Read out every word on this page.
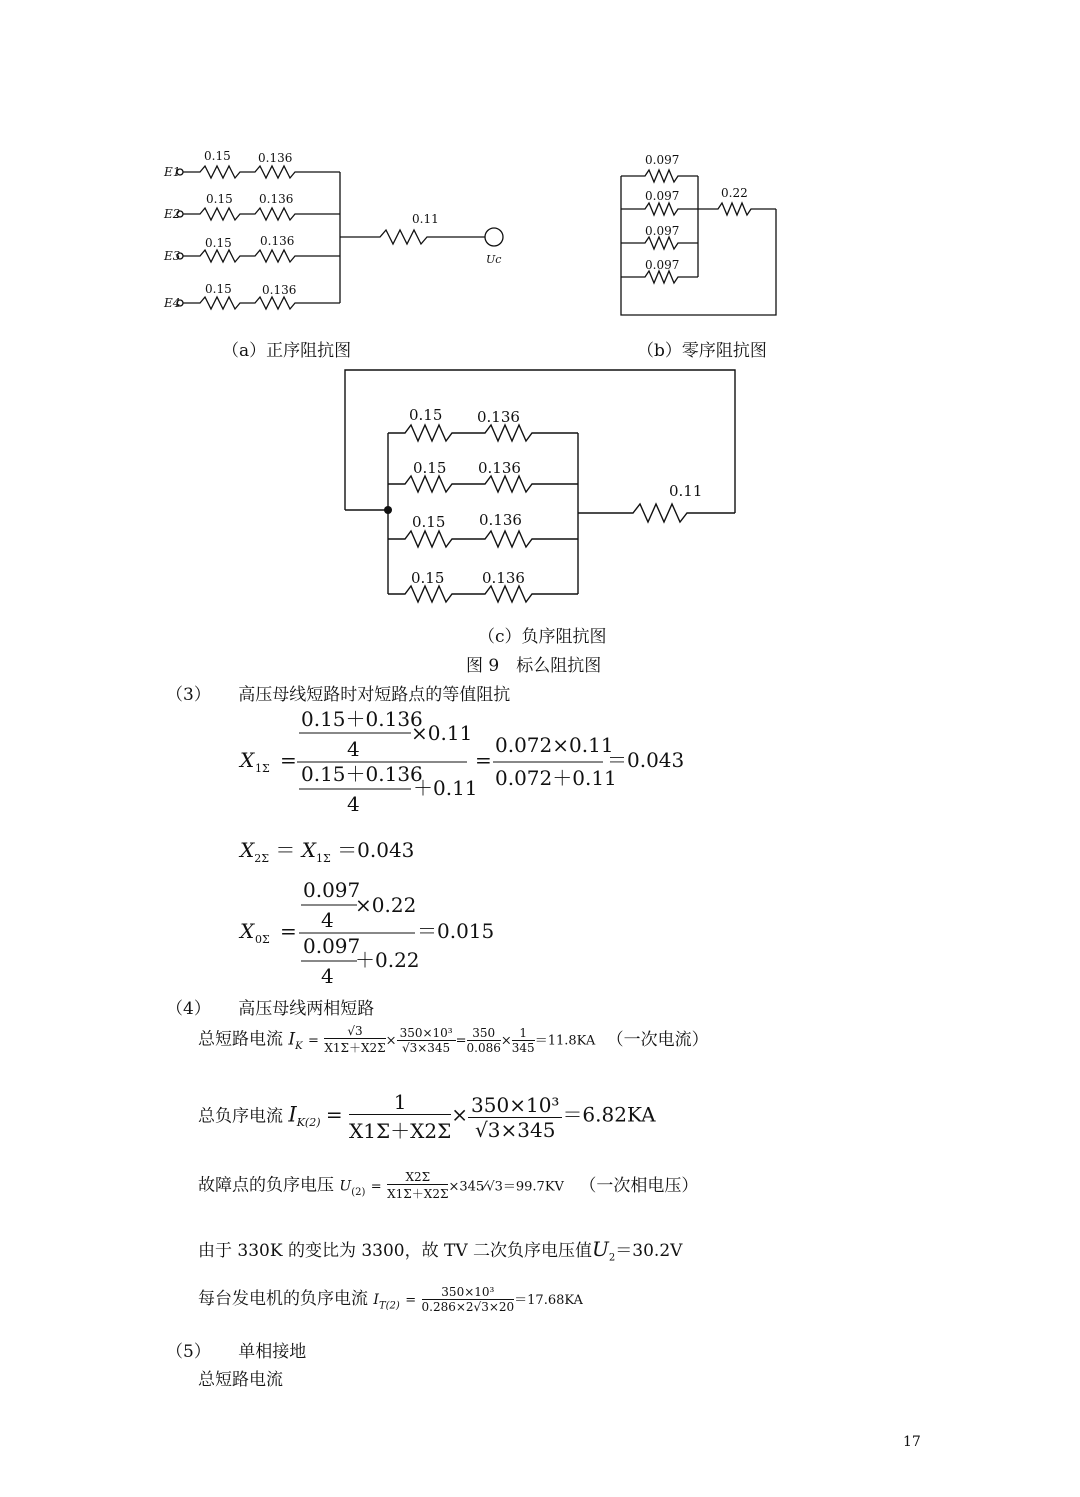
E1
E2
E3
E4
0.15 0.136
0.15 0.136
0.15 0.136
0.15	0.136
0.11
Uc
（a）正序阻抗图
0.097
0.097
0.097
0.097
0.22
（b）零序阻抗图
0.15 0.136
0.15 0.136
0.15 0.136
0.15	0.136
0.11
（c）负序阻抗图
图 9　标么阻抗图
（3） 高压母线短路时对短路点的等值阻抗
X 1Σ =
0.15＋0.136
4
×0.11
0.15＋0.136
4
＋0.11
=
0.072×0.11
0.072＋0.11
＝0.043
$X_{2\Sigma} = X_{1\Sigma} =0.043$
X 0Σ =
0.097
4
×0.22
0.097
4
＋0.22
＝0.015
（4） 高压母线两相短路
总短路电流 $I_K = \frac{√3}{X1\Sigma+X2\Sigma} \times \frac{\text{350×10³}}{√3\times 345} = \frac{350}{0.086} \times \frac{1}{345} =11.8KA$ （一次电流）
总负序电流 $I_{K(2)} = \frac{1}{X1\Sigma+X2\Sigma} \times \frac{\text{350×10³}}{√3\times 345} =6.82KA$
故障点的负序电压 $U_{(2)} = \frac{X2\Sigma}{X1\Sigma+X2\Sigma}$ ×345⁄√3＝99.7KV （一次相电压）
由于 330K 的变比为 3300，故 TV 二次负序电压值$U_2=30.2V$
每台发电机的负序电流 $I_{T(2)} = \frac{\text{350×10³}}{0.286\times 2√3\times 20} =17.68KA$
（5） 单相接地
总短路电流
17
